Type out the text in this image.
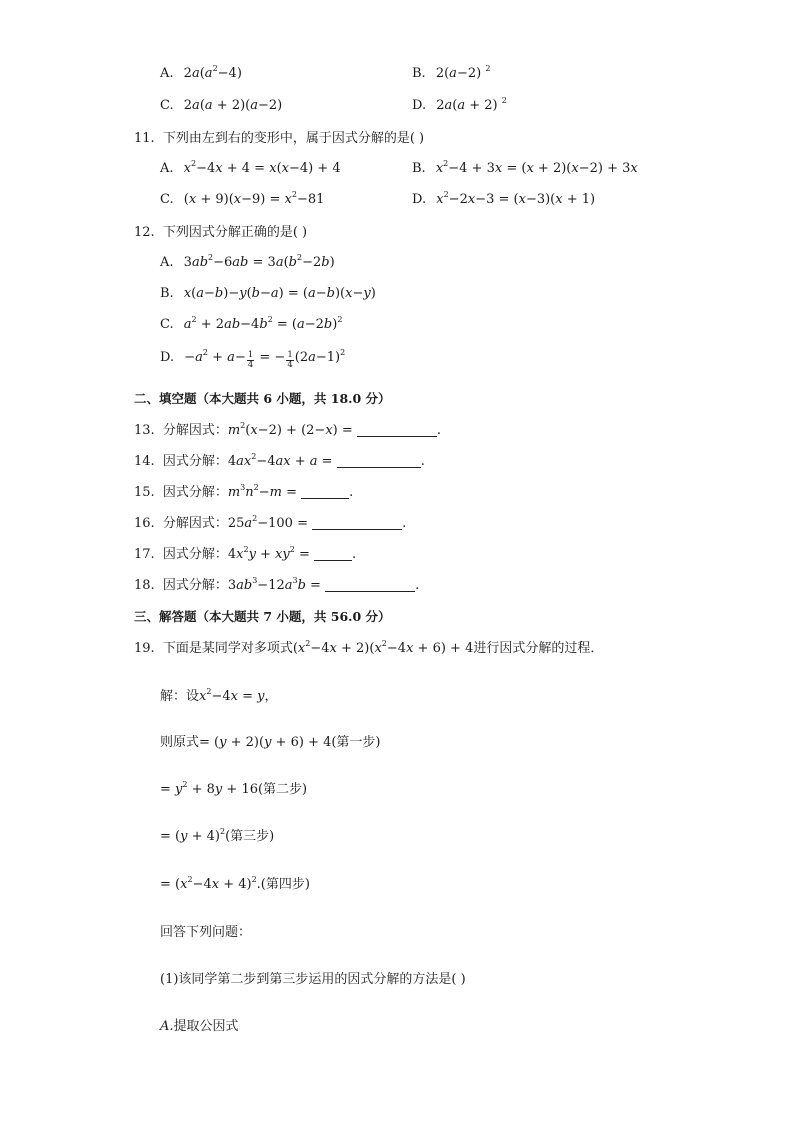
A. $2a(a^2-4)$	B. 2(a−2) $^2$
C. 2a(a + 2)(a−2)	D. 2a(a + 2) $^2$
11. 下列由左到右的变形中，属于因式分解的是( )
A. $x^2-4x + 4 = x(x-4) + 4$	B. $x^2-4 + 3x = (x + 2)(x-2) + 3x$
C. $(x + 9)(x-9) = x^2-81$	D. $x^2-2x-3 = (x-3)(x + 1)$
12. 下列因式分解正确的是( )
A. $3ab^2-6ab = 3a(b^2-2b)$
B. x(a−b)−y(b−a) = (a−b)(x−y)
C. $a^2 + 2ab-4b^2 = (a-2b)^2$
D. $-a^2 + a- \frac{1}{4}$ = − $\frac{1}{4} (2a-1)^2$
二、填空题（本大题共 6 小题，共 18.0 分）
13. 分解因式：$m^2(x-2) + (2-x)$ =	.
14. 因式分解：$4ax^2-4ax + a$ =	.
15. 因式分解：$m^3n^2-m$ =	.
16. 分解因式：$25a^2-100$ =	.
17. 因式分解：$4x^2y + xy^2$ =	.
18. 因式分解：$3ab^3-12a^3b$ =	.
三、解答题（本大题共 7 小题，共 56.0 分）
19. 下面是某同学对多项式$(x^2-4x + 2)(x^2-4x + 6) + 4$进行因式分解的过程．
解：设$x^2-4x = y$，
则原式= (y + 2)(y + 6) + 4(第一步)
= $y^2 + 8y + 16$(第二步)
= $(y + 4)^2$(第三步)
= $(x^2-4x + 4)^2$.(第四步)
回答下列问题：
(1)该同学第二步到第三步运用的因式分解的方法是( )
A.提取公因式
